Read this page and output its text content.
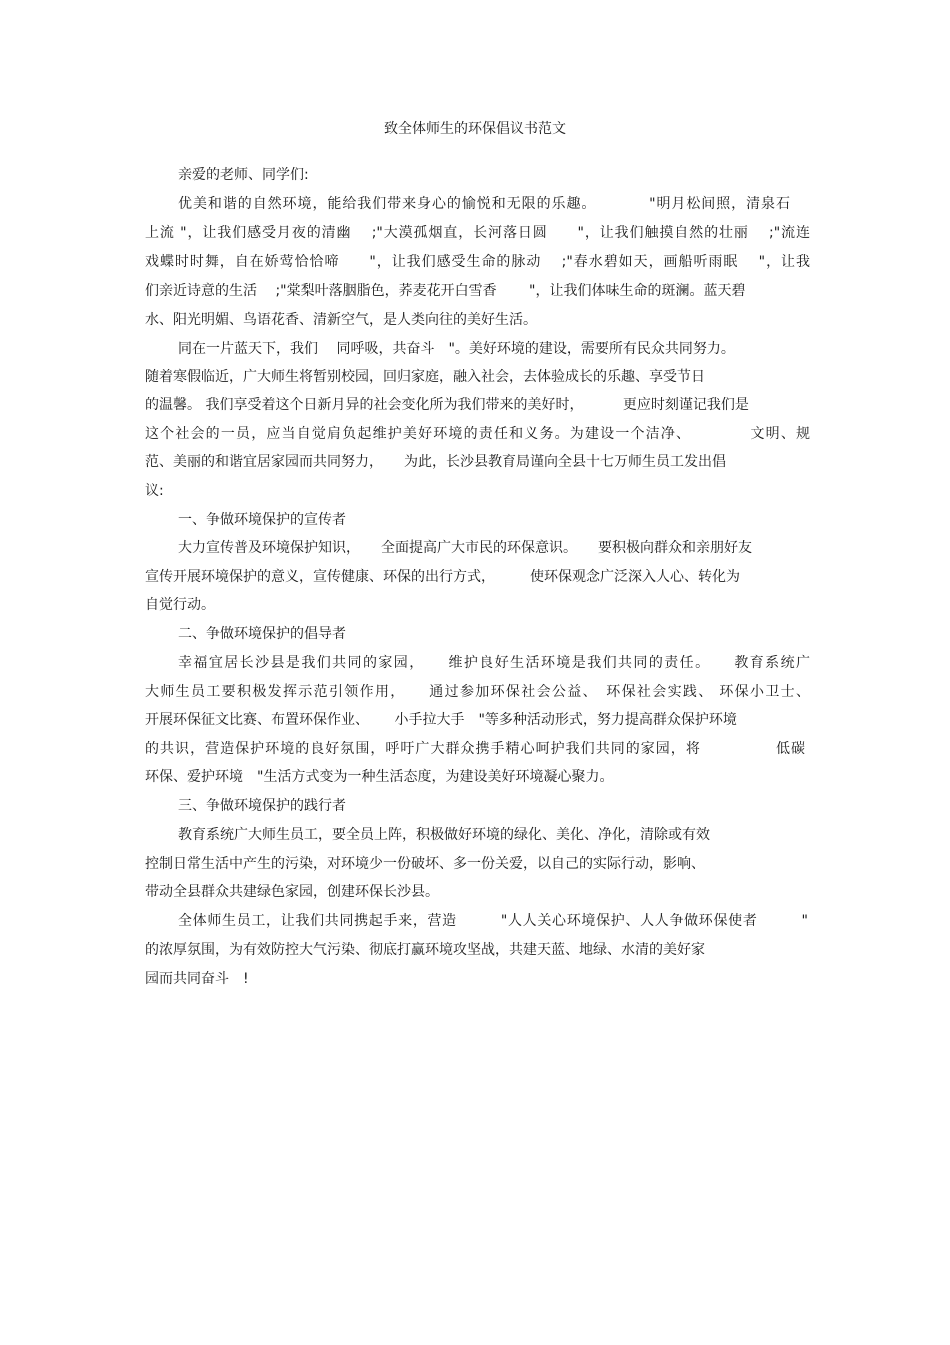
致全体师生的环保倡议书范文
亲爱的老师、同学们:
优美和谐的自然环境，能给我们带来身心的愉悦和无限的乐趣。　　　　"明月松间照，清泉石
上流 "，让我们感受月夜的清幽　 ;"大漠孤烟直，长河落日圆　　"，让我们触摸自然的壮丽　 ;"流连
戏蝶时时舞，自在娇莺恰恰啼　　"，让我们感受生命的脉动　 ;"春水碧如天，画船听雨眠　 "，让我
们亲近诗意的生活　 ;"棠梨叶落胭脂色，荞麦花开白雪香　　 "，让我们体味生命的斑澜。蓝天碧
水、阳光明媚、鸟语花香、清新空气，是人类向往的美好生活。
同在一片蓝天下，我们　 同呼吸，共奋斗　"。美好环境的建设，需要所有民众共同努力。
随着寒假临近，广大师生将暂别校园，回归家庭，融入社会，去体验成长的乐趣、享受节日
的温馨。 我们享受着这个日新月异的社会变化所为我们带来的美好时，　　　 更应时刻谨记我们是
这个社会的一员，应当自觉肩负起维护美好环境的责任和义务。为建设一个洁净、　　　　 文明、规
范、美丽的和谐宜居家园而共同努力，　　为此，长沙县教育局谨向全县十七万师生员工发出倡
议:
一、争做环境保护的宣传者
大力宣传普及环境保护知识，　　全面提高广大市民的环保意识。　　要积极向群众和亲朋好友
宣传开展环境保护的意义，宣传健康、环保的出行方式，　　　使环保观念广泛深入人心、转化为
自觉行动。
二、争做环境保护的倡导者
幸福宜居长沙县是我们共同的家园，　　维护良好生活环境是我们共同的责任。　　教育系统广
大师生员工要积极发挥示范引领作用，　　通过参加环保社会公益、　环保社会实践、 环保小卫士、
开展环保征文比赛、布置环保作业、　　 小手拉大手　"等多种活动形式，努力提高群众保护环境
的共识，营造保护环境的良好氛围，呼吁广大群众携手精心呵护我们共同的家园，将　　　　　低碳
环保、爱护环境　"生活方式变为一种生活态度，为建设美好环境凝心聚力。
三、争做环境保护的践行者
教育系统广大师生员工，要全员上阵，积极做好环境的绿化、美化、净化，清除或有效
控制日常生活中产生的污染，对环境少一份破坏、多一份关爱，以自己的实际行动，影响、
带动全县群众共建绿色家园，创建环保长沙县。
全体师生员工，让我们共同携起手来，营造　　　"人人关心环境保护、人人争做环保使者　　　"
的浓厚氛围，为有效防控大气污染、彻底打赢环境攻坚战，共建天蓝、地绿、水清的美好家
园而共同奋斗　!
